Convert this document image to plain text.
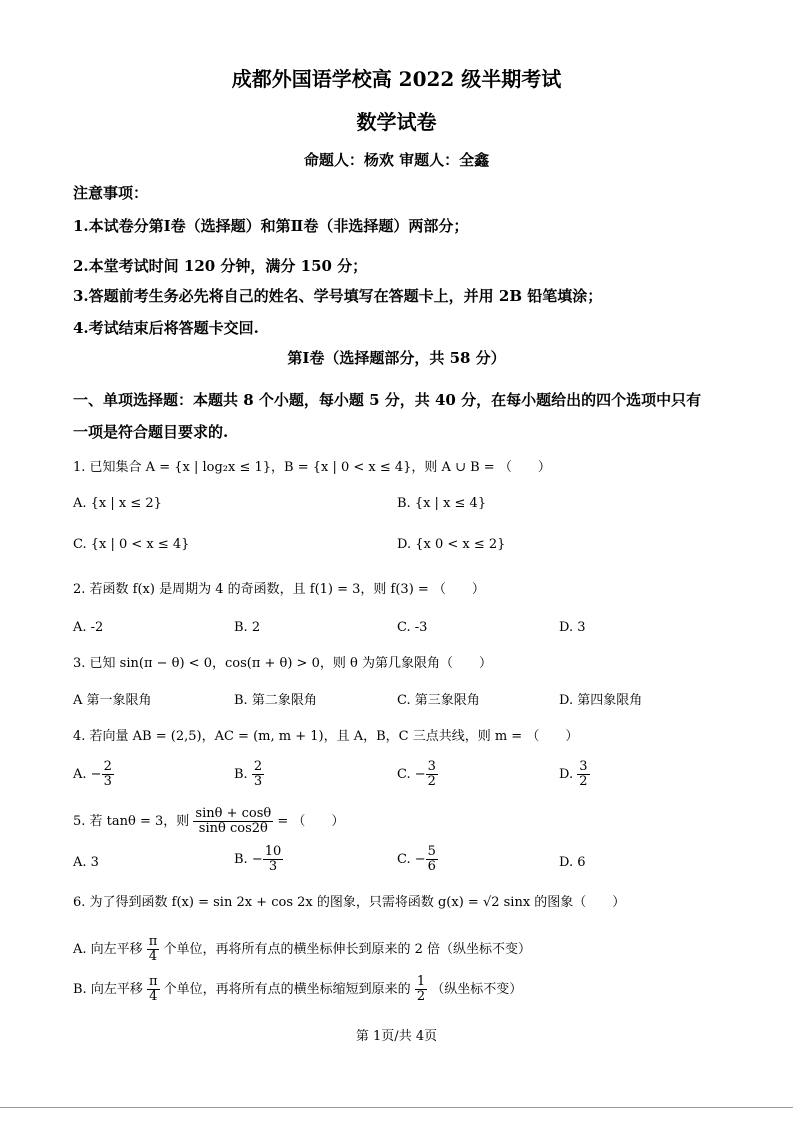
成都外国语学校高 2022 级半期考试
数学试卷
命题人：杨欢 审题人：全鑫
注意事项：
1.本试卷分第Ⅰ卷（选择题）和第Ⅱ卷（非选择题）两部分；
2.本堂考试时间 120 分钟，满分 150 分；
3.答题前考生务必先将自己的姓名、学号填写在答题卡上，并用 2B 铅笔填涂；
4.考试结束后将答题卡交回.
第Ⅰ卷（选择题部分，共 58 分）
一、单项选择题：本题共 8 个小题，每小题 5 分，共 40 分，在每小题给出的四个选项中只有
一项是符合题目要求的.
1. 已知集合 A = {x | log₂x ≤ 1}，B = {x | 0 < x ≤ 4}，则 A ∪ B = （　　）
A. {x | x ≤ 2}	B. {x | x ≤ 4}
C. {x | 0 < x ≤ 4}	D. {x 0 < x ≤ 2}
2. 若函数 f(x) 是周期为 4 的奇函数，且 f(1) = 3，则 f(3) = （　　）
A. -2	B. 2	C. -3	D. 3
3. 已知 sin(π − θ) < 0，cos(π + θ) > 0，则 θ 为第几象限角（　　）
A 第一象限角	B. 第二象限角	C. 第三象限角	D. 第四象限角
4. 若向量 AB = (2,5)，AC = (m, m + 1)，且 A，B，C 三点共线，则 m = （　　）
A. − $\frac{2}{3}$	B. $\frac{2}{3}$	C. − $\frac{3}{2}$	D. $\frac{3}{2}$
5. 若 tanθ = 3，则 $\frac{\sin\theta + \cos\theta}{\text{sinθ cos2θ}}$ = （　　）
A. 3	B. − $\frac{10}{3}$	C. − $\frac{5}{6}$	D. 6
6. 为了得到函数 f(x) = sin 2x + cos 2x 的图象，只需将函数 g(x) = √2 sinx 的图象（　　）
A. 向左平移 $\frac{\pi}{4}$ 个单位，再将所有点的横坐标伸长到原来的 2 倍（纵坐标不变）
B. 向左平移 $\frac{\pi}{4}$ 个单位，再将所有点的横坐标缩短到原来的 $\frac{1}{2}$ （纵坐标不变）
第 1页/共 4页
